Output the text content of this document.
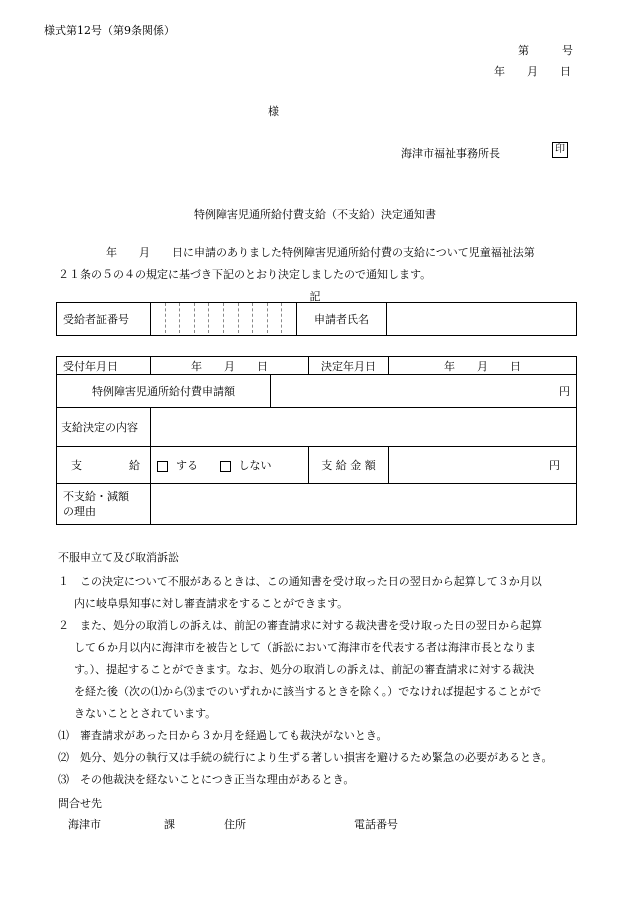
様式第12号（第9条関係）
第　　　号
年　　月　　日
様
海津市福祉事務所長	印
特例障害児通所給付費支給（不支給）決定通知書
年　　月　　日に申請のありました特例障害児通所給付費の支給について児童福祉法第
２１条の５の４の規定に基づき下記のとおり決定しましたので通知します。
記
受給者証番号		申請者氏名	
受付年月日	年　　月　　日		決定年月日	年　　月　　日
特例障害児通所給付費申請額		円		
支給決定の内容				
支 給	する しない		支 給 金 額	円

不支給・減額
の理由				

不服申立て及び取消訴訟

１　この決定について不服があるときは、この通知書を受け取った日の翌日から起算して３か月以

内に岐阜県知事に対し審査請求をすることができます。

２　また、処分の取消しの訴えは、前記の審査請求に対する裁決書を受け取った日の翌日から起算

して６か月以内に海津市を被告として（訴訟において海津市を代表する者は海津市長となりま

す。）、提起することができます。なお、処分の取消しの訴えは、前記の審査請求に対する裁決

を経た後（次の⑴から⑶までのいずれかに該当するときを除く。）でなければ提起することがで

きないこととされています。

⑴　審査請求があった日から３か月を経過しても裁決がないとき。

⑵　処分、処分の執行又は手続の続行により生ずる著しい損害を避けるため緊急の必要があるとき。

⑶　その他裁決を経ないことにつき正当な理由があるとき。

問合せ先
海津市	課	住所	電話番号
